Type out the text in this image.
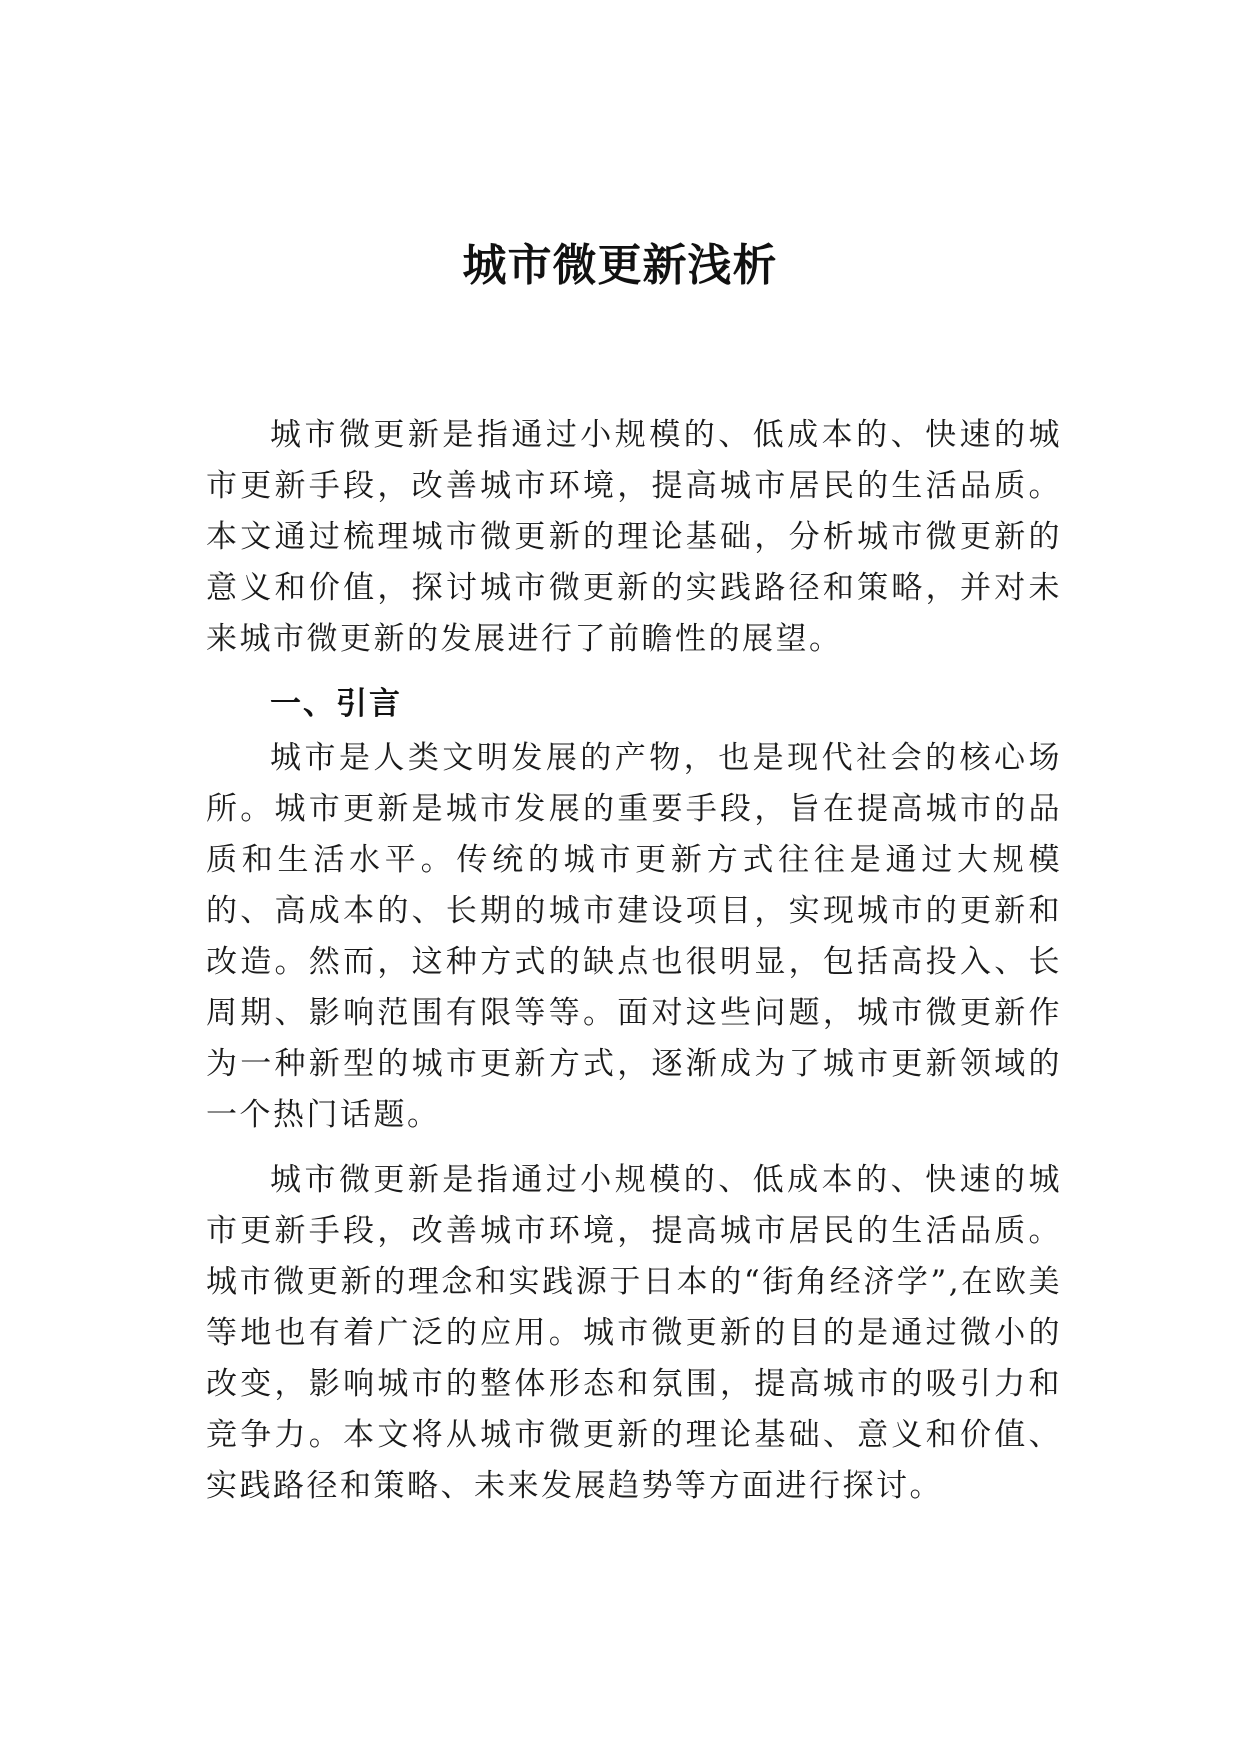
城市微更新浅析

城市微更新是指通过小规模的、低成本的、快速的城市更新手段，改善城市环境，提高城市居民的生活品质。本文通过梳理城市微更新的理论基础，分析城市微更新的意义和价值，探讨城市微更新的实践路径和策略，并对未来城市微更新的发展进行了前瞻性的展望。

一、引言

城市是人类文明发展的产物，也是现代社会的核心场所。城市更新是城市发展的重要手段，旨在提高城市的品质和生活水平。传统的城市更新方式往往是通过大规模的、高成本的、长期的城市建设项目，实现城市的更新和改造。然而，这种方式的缺点也很明显，包括高投入、长周期、影响范围有限等等。面对这些问题，城市微更新作为一种新型的城市更新方式，逐渐成为了城市更新领域的一个热门话题。

城市微更新是指通过小规模的、低成本的、快速的城市更新手段，改善城市环境，提高城市居民的生活品质。城市微更新的理念和实践源于日本的“街角经济学”,在欧美等地也有着广泛的应用。城市微更新的目的是通过微小的改变，影响城市的整体形态和氛围，提高城市的吸引力和竞争力。本文将从城市微更新的理论基础、意义和价值、实践路径和策略、未来发展趋势等方面进行探讨。
